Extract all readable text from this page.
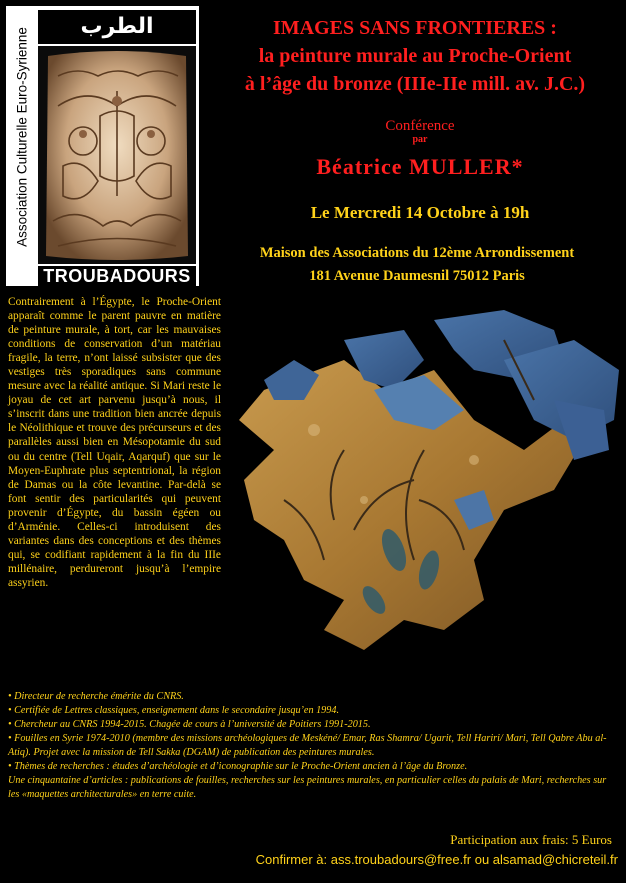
الطرب
Association Culturelle Euro-Syrienne
TROUBADOURS
IMAGES SANS FRONTIERES :
la peinture murale au Proche-Orient
à l’âge du bronze (IIIe-IIe mill. av. J.C.)
Conférence
par
Béatrice MULLER*
Le Mercredi 14 Octobre à 19h
Maison des Associations du 12ème Arrondissement
181 Avenue Daumesnil 75012 Paris
Contrairement à l’Égypte, le Proche-Orient apparaît comme le parent pauvre en matière de peinture murale, à tort, car les mauvaises conditions de conservation d’un matériau fragile, la terre, n’ont laissé subsister que des vestiges très sporadiques sans commune mesure avec la réalité antique. Si Mari reste le joyau de cet art parvenu jusqu’à nous, il s’inscrit dans une tradition bien ancrée depuis le Néolithique et trouve des précurseurs et des parallèles aussi bien en Mésopotamie du sud ou du centre (Tell Uqair, Aqarquf) que sur le Moyen-Euphrate plus septentrional, la région de Damas ou la côte levantine. Par-delà se font sentir des particularités qui peuvent provenir d’Égypte, du bassin égéen ou d’Arménie. Celles-ci introduisent des variantes dans des conceptions et des thèmes qui, se codifiant rapidement à la fin du IIIe millénaire, perdureront jusqu’à l’empire assyrien.
• Directeur de recherche émérite du CNRS.
• Certifiée de Lettres classiques, enseignement dans le secondaire jusqu’en 1994.
• Chercheur au CNRS 1994-2015. Chagée de cours à l’université de Poitiers 1991-2015.
• Fouilles en Syrie 1974-2010 (membre des missions archéologiques de Meskéné/ Emar, Ras Shamra/ Ugarit, Tell Hariri/ Mari, Tell Qabre Abu al-Atiq). Projet avec la mission de Tell Sakka (DGAM) de publication des peintures murales.
• Thèmes de recherches : études d’archéologie et d’iconographie sur le Proche-Orient ancien à l’âge du Bronze.
Une cinquantaine d’articles : publications de fouilles, recherches sur les peintures murales, en particulier celles du palais de Mari, recherches sur les «maquettes architecturales» en terre cuite.
Participation aux frais: 5 Euros
Confirmer à: ass.troubadours@free.fr ou alsamad@chicreteil.fr
